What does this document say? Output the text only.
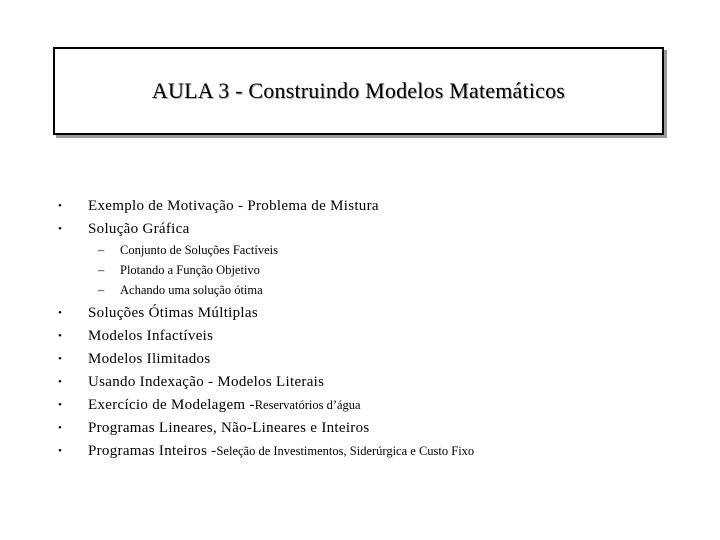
AULA 3 - Construindo Modelos Matemáticos
•	Exemplo de Motivação - Problema de Mistura
•	Solução Gráfica
–	Conjunto de Soluções Factíveis
–	Plotando a Função Objetivo
–	Achando uma solução ótima
•	Soluções Ótimas Múltiplas
•	Modelos Infactíveis
•	Modelos Ilimitados
•	Usando Indexação - Modelos Literais
•	Exercício de Modelagem - Reservatórios d’água
•	Programas Lineares, Não-Lineares e Inteiros
•	Programas Inteiros - Seleção de Investimentos, Siderúrgica e Custo Fixo
